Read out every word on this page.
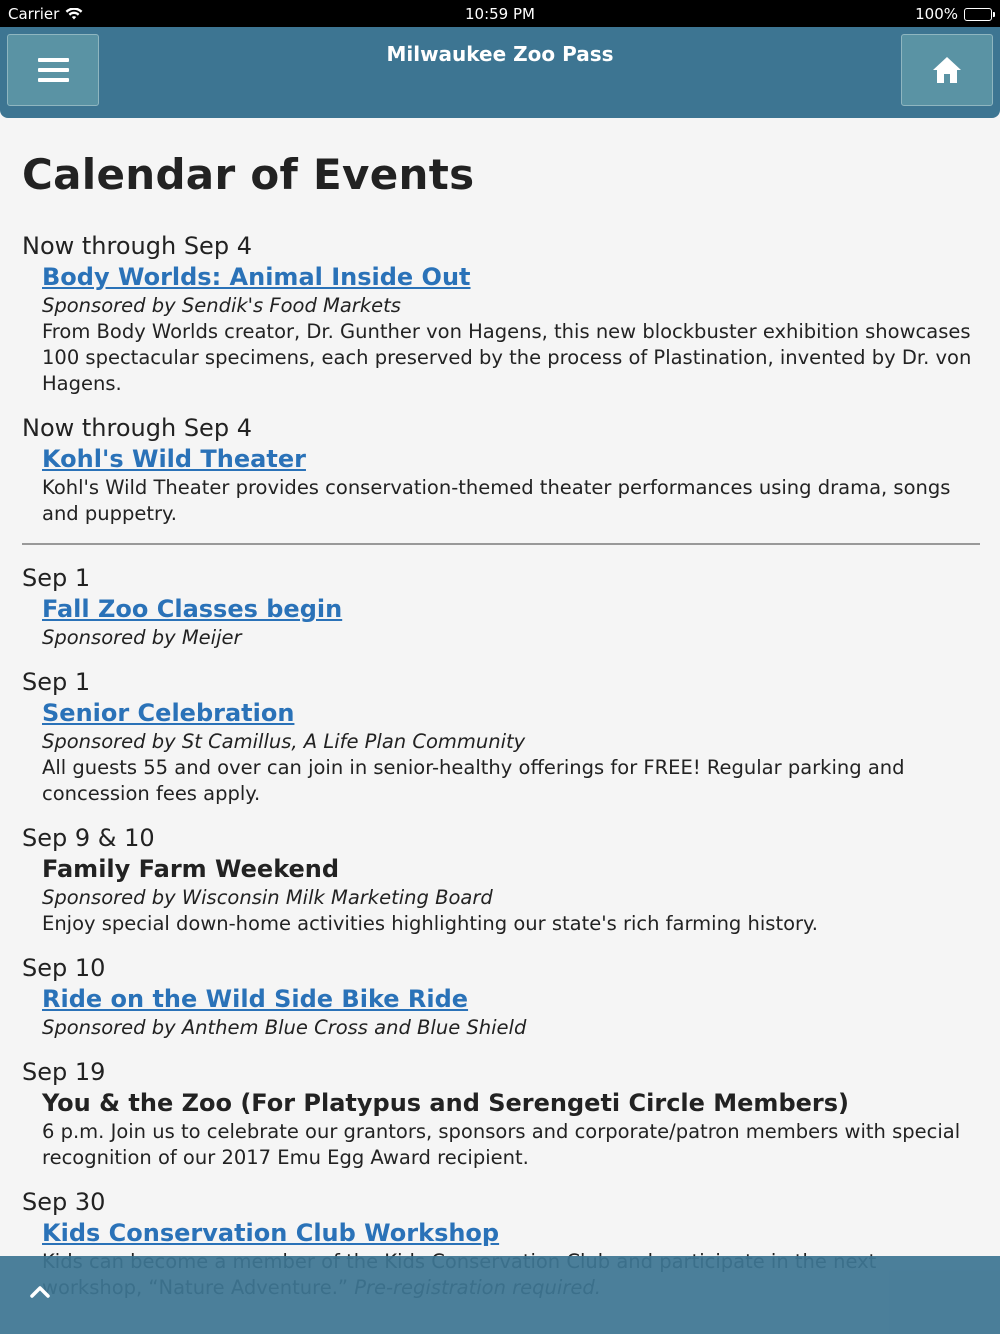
Carrier	10:59 PM	100%
Milwaukee Zoo Pass
Calendar of Events
Now through Sep 4
Body Worlds: Animal Inside Out
Sponsored by Sendik's Food Markets
From Body Worlds creator, Dr. Gunther von Hagens, this new blockbuster exhibition showcases 100 spectacular specimens, each preserved by the process of Plastination, invented by Dr. von Hagens.
Now through Sep 4
Kohl's Wild Theater
Kohl's Wild Theater provides conservation-themed theater performances using drama, songs and puppetry.
Sep 1
Fall Zoo Classes begin
Sponsored by Meijer
Sep 1
Senior Celebration
Sponsored by St Camillus, A Life Plan Community
All guests 55 and over can join in senior-healthy offerings for FREE! Regular parking and concession fees apply.
Sep 9 & 10
Family Farm Weekend
Sponsored by Wisconsin Milk Marketing Board
Enjoy special down-home activities highlighting our state's rich farming history.
Sep 10
Ride on the Wild Side Bike Ride
Sponsored by Anthem Blue Cross and Blue Shield
Sep 19
You & the Zoo (For Platypus and Serengeti Circle Members)
6 p.m. Join us to celebrate our grantors, sponsors and corporate/patron members with special recognition of our 2017 Emu Egg Award recipient.
Sep 30
Kids Conservation Club Workshop
